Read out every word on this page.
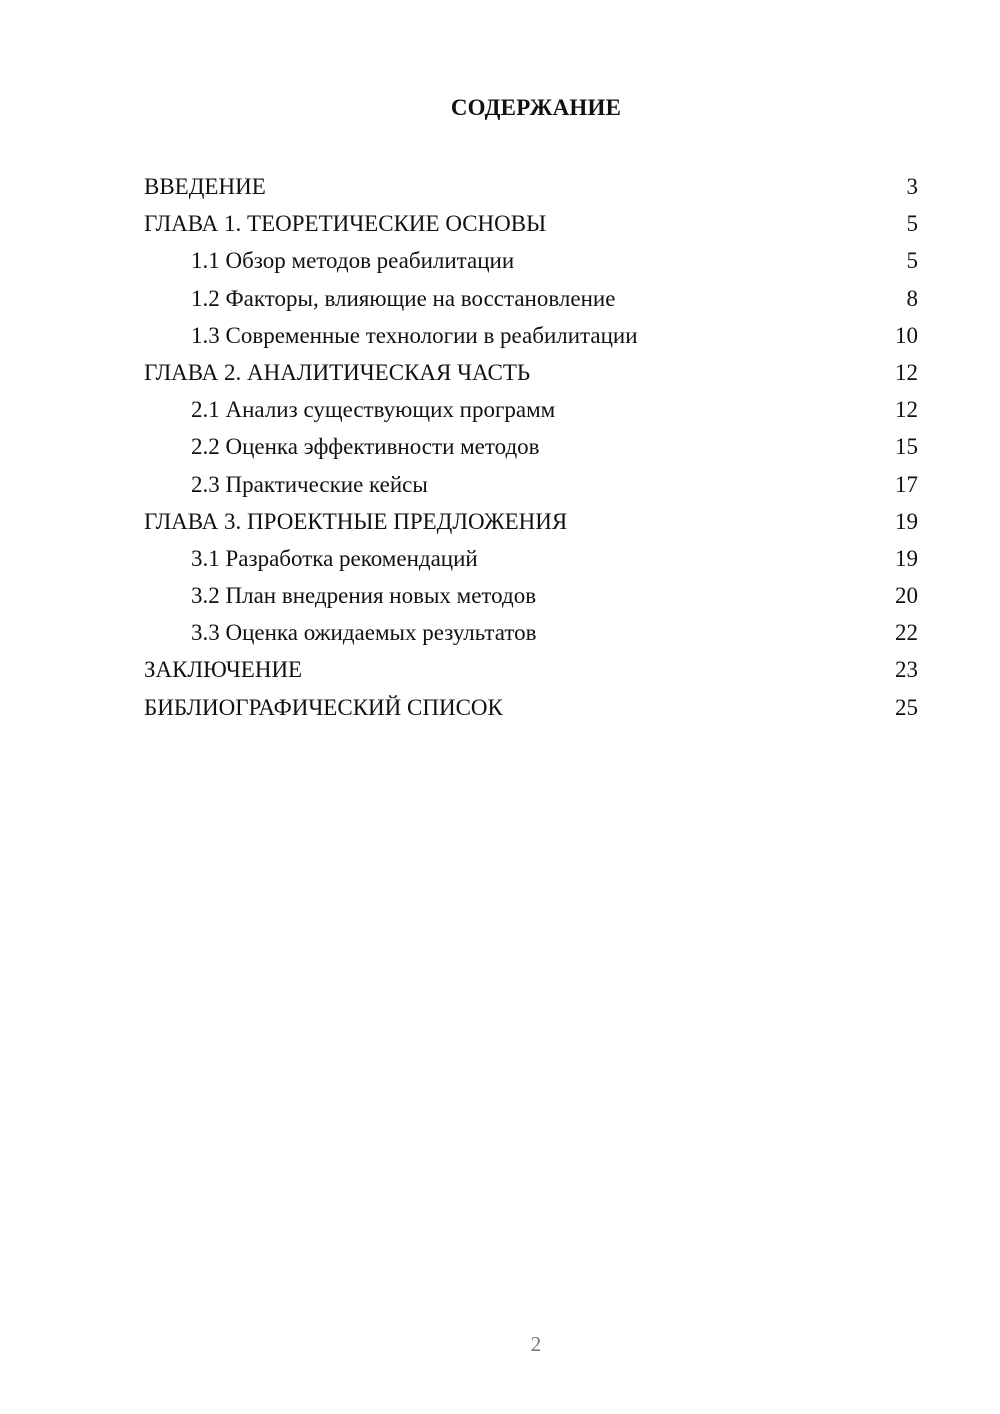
СОДЕРЖАНИЕ
ВВЕДЕНИЕ	3
ГЛАВА 1. ТЕОРЕТИЧЕСКИЕ ОСНОВЫ	5
1.1 Обзор методов реабилитации	5
1.2 Факторы, влияющие на восстановление	8
1.3 Современные технологии в реабилитации	10
ГЛАВА 2. АНАЛИТИЧЕСКАЯ ЧАСТЬ	12
2.1 Анализ существующих программ	12
2.2 Оценка эффективности методов	15
2.3 Практические кейсы	17
ГЛАВА 3. ПРОЕКТНЫЕ ПРЕДЛОЖЕНИЯ	19
3.1 Разработка рекомендаций	19
3.2 План внедрения новых методов	20
3.3 Оценка ожидаемых результатов	22
ЗАКЛЮЧЕНИЕ	23
БИБЛИОГРАФИЧЕСКИЙ СПИСОК	25
2
